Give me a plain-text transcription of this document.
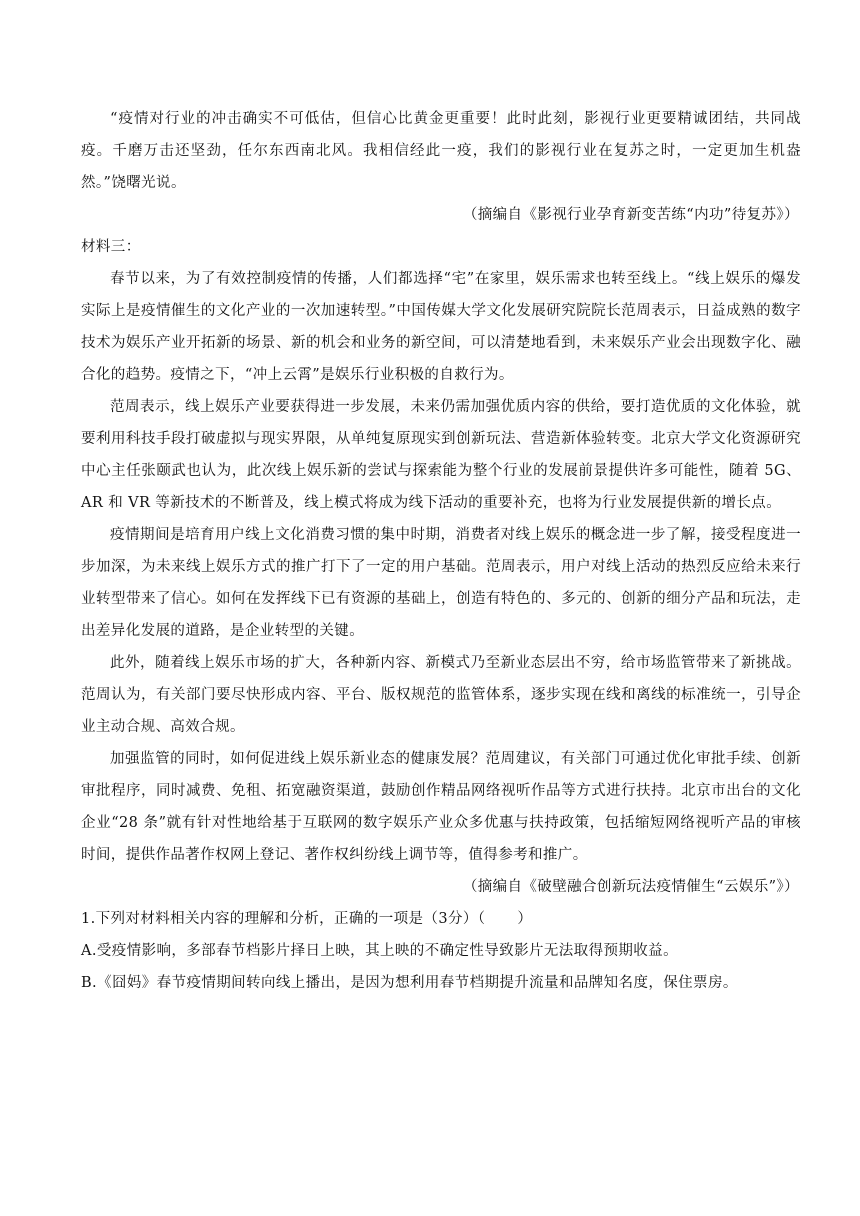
“疫情对行业的冲击确实不可低估，但信心比黄金更重要！此时此刻，影视行业更要精诚团结，共同战疫。千磨万击还坚劲，任尔东西南北风。我相信经此一疫，我们的影视行业在复苏之时，一定更加生机盎然。”饶曙光说。

（摘编自《影视行业孕育新变苦练“内功”待复苏》）

材料三：

春节以来，为了有效控制疫情的传播，人们都选择“宅”在家里，娱乐需求也转至线上。“线上娱乐的爆发实际上是疫情催生的文化产业的一次加速转型。”中国传媒大学文化发展研究院院长范周表示，日益成熟的数字技术为娱乐产业开拓新的场景、新的机会和业务的新空间，可以清楚地看到，未来娱乐产业会出现数字化、融合化的趋势。疫情之下，“冲上云霄”是娱乐行业积极的自救行为。

范周表示，线上娱乐产业要获得进一步发展，未来仍需加强优质内容的供给，要打造优质的文化体验，就要利用科技手段打破虚拟与现实界限，从单纯复原现实到创新玩法、营造新体验转变。北京大学文化资源研究中心主任张颐武也认为，此次线上娱乐新的尝试与探索能为整个行业的发展前景提供许多可能性，随着 5G、AR 和 VR 等新技术的不断普及，线上模式将成为线下活动的重要补充，也将为行业发展提供新的增长点。

疫情期间是培育用户线上文化消费习惯的集中时期，消费者对线上娱乐的概念进一步了解，接受程度进一步加深，为未来线上娱乐方式的推广打下了一定的用户基础。范周表示，用户对线上活动的热烈反应给未来行业转型带来了信心。如何在发挥线下已有资源的基础上，创造有特色的、多元的、创新的细分产品和玩法，走出差异化发展的道路，是企业转型的关键。

此外，随着线上娱乐市场的扩大，各种新内容、新模式乃至新业态层出不穷，给市场监管带来了新挑战。范周认为，有关部门要尽快形成内容、平台、版权规范的监管体系，逐步实现在线和离线的标准统一，引导企业主动合规、高效合规。

加强监管的同时，如何促进线上娱乐新业态的健康发展？范周建议，有关部门可通过优化审批手续、创新审批程序，同时减费、免租、拓宽融资渠道，鼓励创作精品网络视听作品等方式进行扶持。北京市出台的文化企业“28 条”就有针对性地给基于互联网的数字娱乐产业众多优惠与扶持政策，包括缩短网络视听产品的审核时间，提供作品著作权网上登记、著作权纠纷线上调节等，值得参考和推广。

（摘编自《破壁融合创新玩法疫情催生“云娱乐”》）

1.下列对材料相关内容的理解和分析，正确的一项是（3分）（ ）

A.受疫情影响，多部春节档影片择日上映，其上映的不确定性导致影片无法取得预期收益。

B.《囧妈》春节疫情期间转向线上播出，是因为想利用春节档期提升流量和品牌知名度，保住票房。
